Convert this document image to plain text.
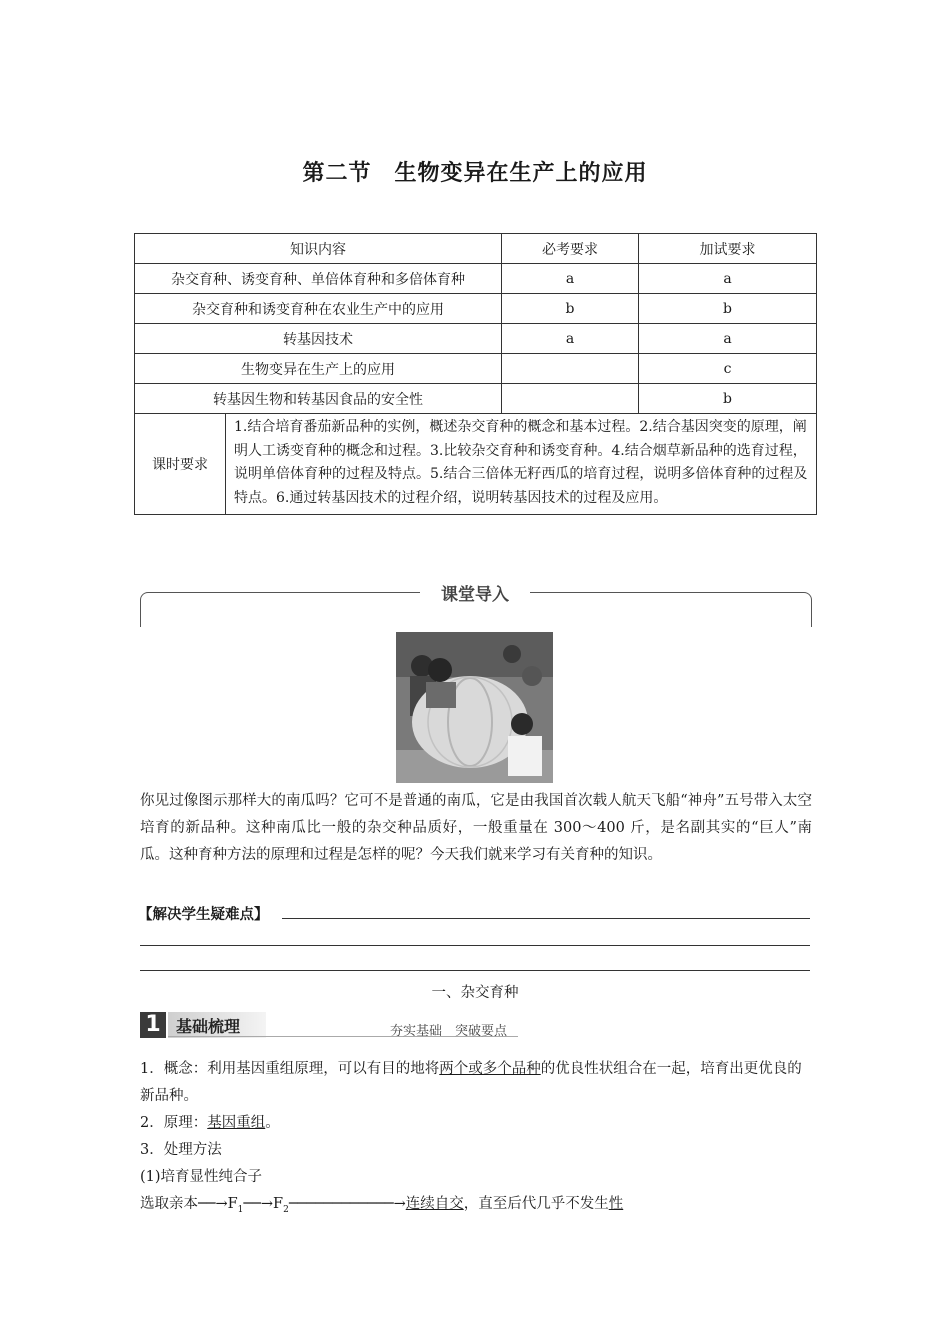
第二节　生物变异在生产上的应用
知识内容		必考要求	加试要求
杂交育种、诱变育种、单倍体育种和多倍体育种		a	a
杂交育种和诱变育种在农业生产中的应用		b	b
转基因技术		a	a
生物变异在生产上的应用			c
转基因生物和转基因食品的安全性			b
课时要求	1.结合培育番茄新品种的实例，概述杂交育种的概念和基本过程。2.结合基因突变的原理，阐明人工诱变育种的概念和过程。3.比较杂交育种和诱变育种。4.结合烟草新品种的选育过程，说明单倍体育种的过程及特点。5.结合三倍体无籽西瓜的培育过程，说明多倍体育种的过程及特点。6.通过转基因技术的过程介绍，说明转基因技术的过程及应用。		
课堂导入
你见过像图示那样大的南瓜吗？它可不是普通的南瓜，它是由我国首次载人航天飞船“神舟”五号带入太空培育的新品种。这种南瓜比一般的杂交种品质好，一般重量在 300～400 斤，是名副其实的“巨人”南瓜。这种育种方法的原理和过程是怎样的呢？今天我们就来学习有关育种的知识。
【解决学生疑难点】
一、杂交育种
1 基础梳理	夯实基础　突破要点
1．概念：利用基因重组原理，可以有目的地将两个或多个品种的优良性状组合在一起，培育出更优良的新品种。
2．原理：基因重组。
3．处理方法
(1)培育显性纯合子
选取亲本$──\to F_1──\to F_2────────────\to$连续自交，直至后代几乎不发生性
